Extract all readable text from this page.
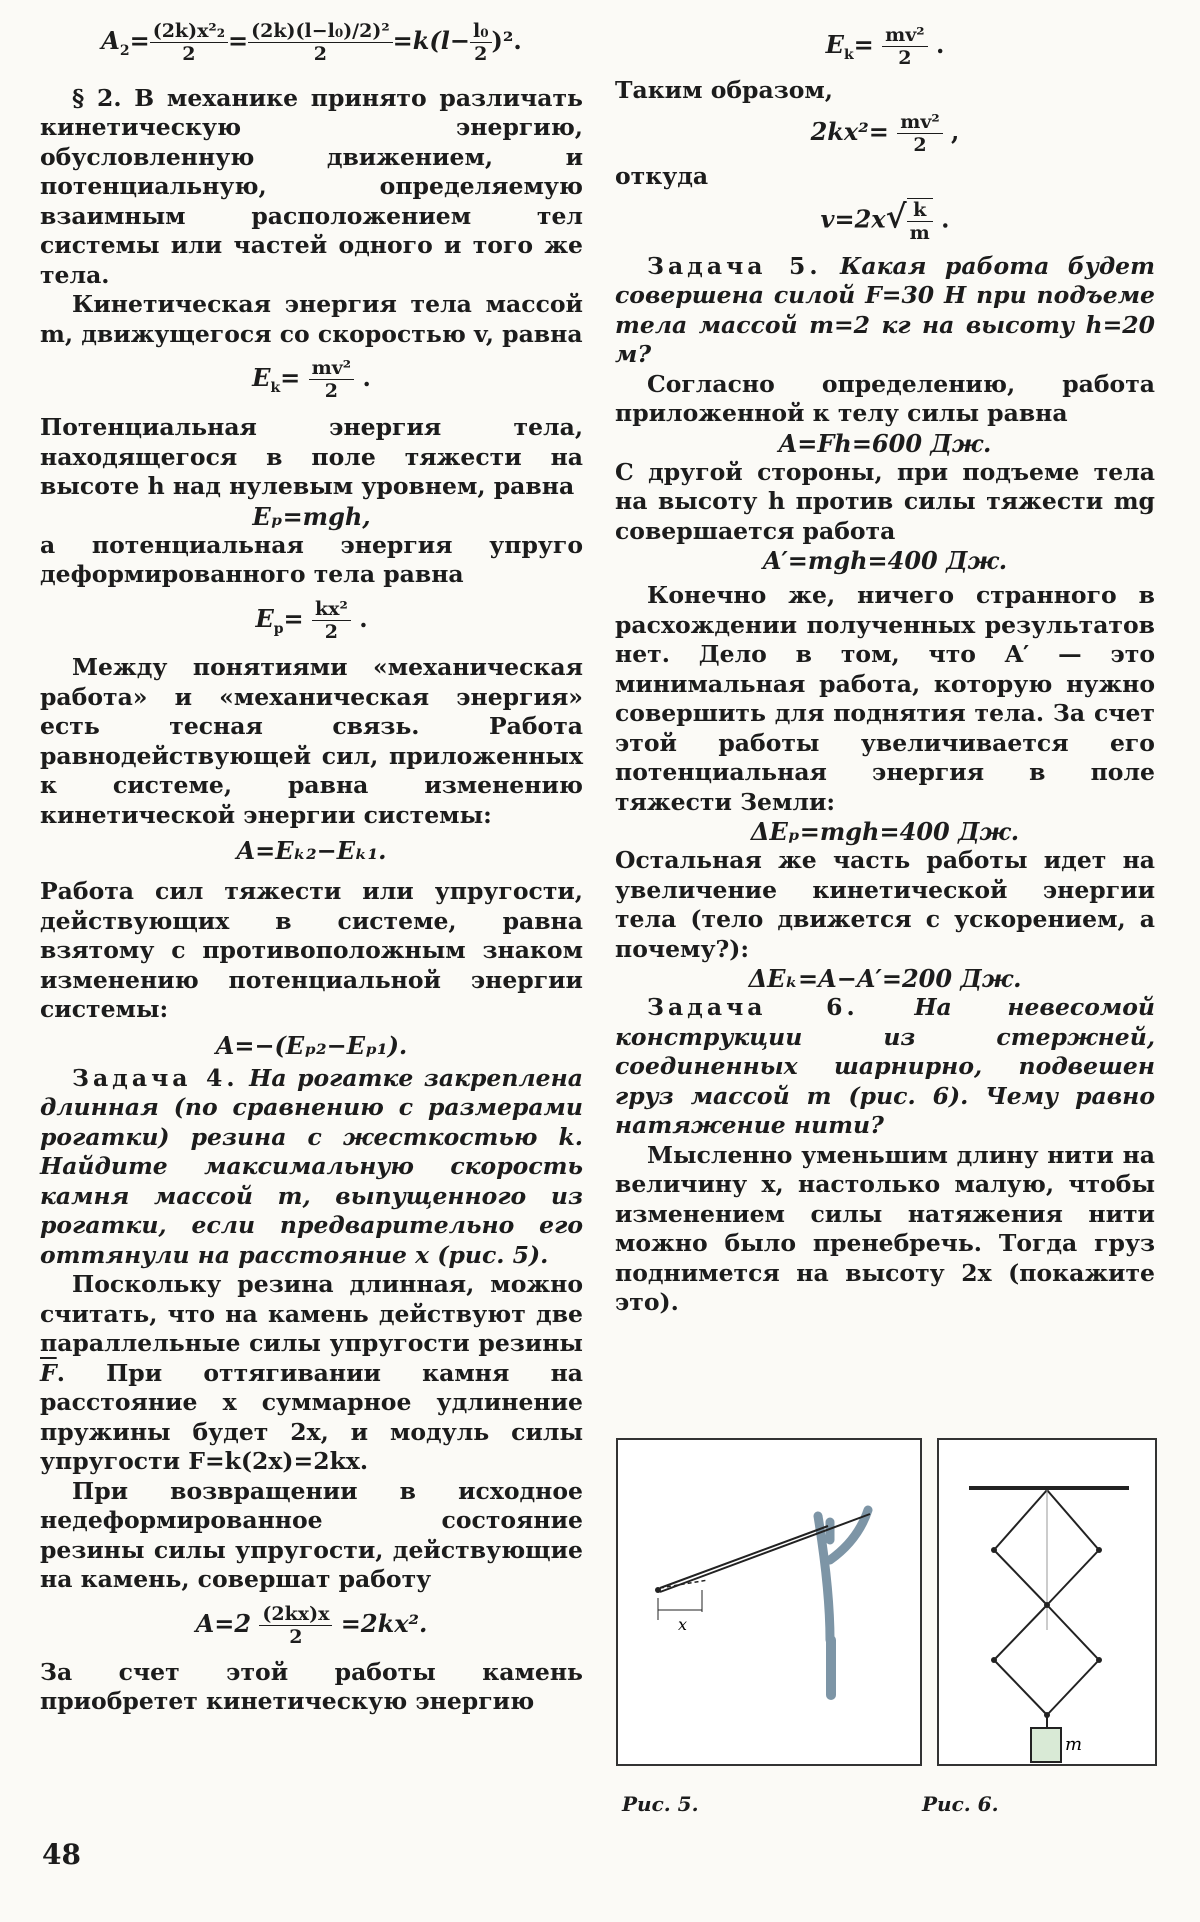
$A_2= \frac{\text{(2k)x²₂}}{2} = \frac{\text{(2k)(l−l₀)/2)²}}{2} =k(l- \frac{\text{l₀}}{2} )^2$.

§ 2. В механике принято различать кинетическую энергию, обусловленную движением, и потенциальную, определяемую взаимным расположением тел системы или частей одного и того же тела.

Кинетическая энергия тела массой m, движущегося со скоростью v, равна

$E_k= \frac{\text{mv²}}{2}$ .

Потенциальная энергия тела, находящегося в поле тяжести на высоте h над нулевым уровнем, равна

Eₚ=mgh,

а потенциальная энергия упруго деформированного тела равна

$E_p= \frac{\text{kx²}}{2}$ .

Между понятиями «механическая работа» и «механическая энергия» есть тесная связь. Работа равнодействующей сил, приложенных к системе, равна изменению кинетической энергии системы:

A=Eₖ₂−Eₖ₁.

Работа сил тяжести или упругости, действующих в системе, равна взятому с противоположным знаком изменению потенциальной энергии системы:

A=−(Eₚ₂−Eₚ₁).

Задача 4. На рогатке закреплена длинная (по сравнению с размерами рогатки) резина с жесткостью k. Найдите максимальную скорость камня массой m, выпущенного из рогатки, если предварительно его оттянули на расстояние x (рис. 5).

Поскольку резина длинная, можно считать, что на камень действуют две параллельные силы упругости резины $\overline{F}$. При оттягивании камня на расстояние x суммарное удлинение пружины будет 2x, и модуль силы упругости F=k(2x)=2kx.

При возвращении в исходное недеформированное состояние резины силы упругости, действующие на камень, совершат работу

$A=2 \frac{(2kx)x}{2} =2kx^2$.

За счет этой работы камень приобретет кинетическую энергию

$E_k= \frac{\text{mv²}}{2}$ .

Таким образом,

$2kx^2= \frac{\text{mv²}}{2}$ ,

откуда

$v=2x√ \frac{k}{m}$ .

Задача 5. Какая работа будет совершена силой F=30 Н при подъеме тела массой m=2 кг на высоту h=20 м?

Согласно определению, работа приложенной к телу силы равна

A=Fh=600 Дж.

С другой стороны, при подъеме тела на высоту h против силы тяжести mg совершается работа

A′=mgh=400 Дж.

Конечно же, ничего странного в расхождении полученных результатов нет. Дело в том, что A′ — это минимальная работа, которую нужно совершить для поднятия тела. За счет этой работы увеличивается его потенциальная энергия в поле тяжести Земли:

ΔEₚ=mgh=400 Дж.

Остальная же часть работы идет на увеличение кинетической энергии тела (тело движется с ускорением, а почему?):

ΔEₖ=A−A′=200 Дж.

Задача 6. На невесомой конструкции из стержней, соединенных шарнирно, подвешен груз массой m (рис. 6). Чему равно натяжение нити?

Мысленно уменьшим длину нити на величину x, настолько малую, чтобы изменением силы натяжения нити можно было пренебречь. Тогда груз поднимется на высоту 2x (покажите это).

x
m
Рис. 5.	Рис. 6.
48
